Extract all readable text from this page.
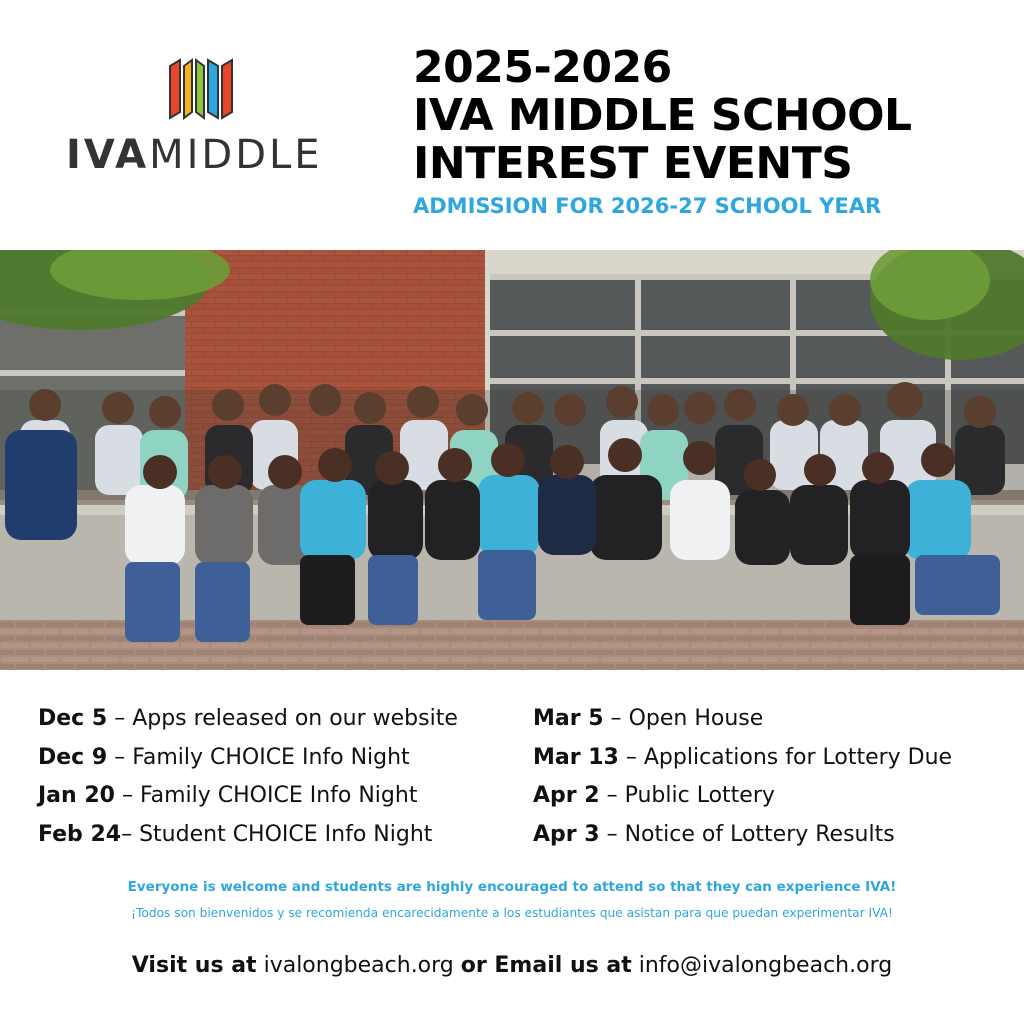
IVAMIDDLE
2025-2026
IVA MIDDLE SCHOOL
INTEREST EVENTS
ADMISSION FOR 2026-27 SCHOOL YEAR
Dec 5 – Apps released on our website
Dec 9 – Family CHOICE Info Night
Jan 20 – Family CHOICE Info Night
Feb 24– Student CHOICE Info Night
Mar 5 – Open House
Mar 13 – Applications for Lottery Due
Apr 2 – Public Lottery
Apr 3 – Notice of Lottery Results
Everyone is welcome and students are highly encouraged to attend so that they can experience IVA!
¡Todos son bienvenidos y se recomienda encarecidamente a los estudiantes que asistan para que puedan experimentar IVA!
Visit us at ivalongbeach.org or Email us at info@ivalongbeach.org
